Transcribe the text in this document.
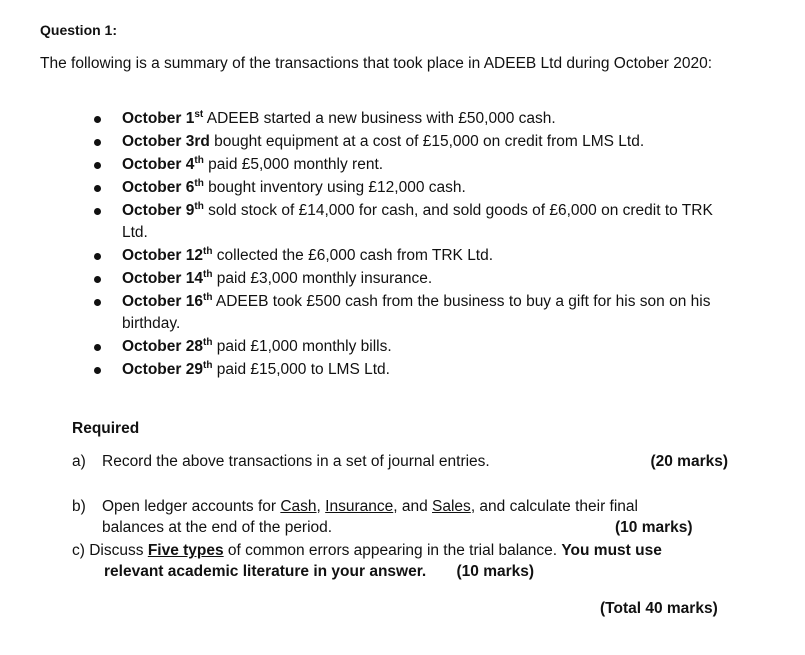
Question 1:
The following is a summary of the transactions that took place in ADEEB Ltd during October 2020:
October 1st ADEEB started a new business with £50,000 cash.
October 3rd bought equipment at a cost of £15,000 on credit from LMS Ltd.
October 4th paid £5,000 monthly rent.
October 6th bought inventory using £12,000 cash.
October 9th sold stock of £14,000 for cash, and sold goods of £6,000 on credit to TRK Ltd.
October 12th collected the £6,000 cash from TRK Ltd.
October 14th paid £3,000 monthly insurance.
October 16th ADEEB took £500 cash from the business to buy a gift for his son on his birthday.
October 28th paid £1,000 monthly bills.
October 29th paid £15,000 to LMS Ltd.
Required
a) Record the above transactions in a set of journal entries.	(20 marks)
b) Open ledger accounts for Cash, Insurance, and Sales, and calculate their final
balances at the end of the period.	(10 marks)
c) Discuss Five types of common errors appearing in the trial balance. You must use
relevant academic literature in your answer. (10 marks)
(Total 40 marks)
